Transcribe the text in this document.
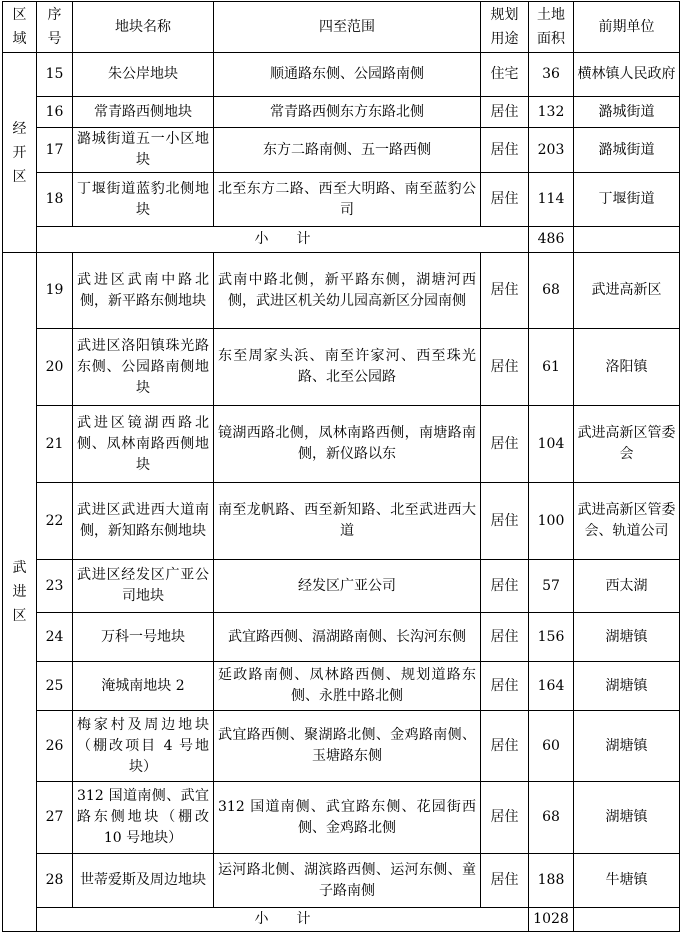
区域	序号	地块名称	四至范围	规划用途	土地面积	前期单位
经开区	15	朱公岸地块	顺通路东侧、公园路南侧	住宅	36	横林镇人民政府
	16	常青路西侧地块	常青路西侧东方东路北侧	居住	132	潞城街道
	17	潞城街道五一小区地块	东方二路南侧、五一路西侧	居住	203	潞城街道
	18	丁堰街道蓝豹北侧地块	北至东方二路、西至大明路、南至蓝豹公司	居住	114	丁堰街道
	小　　计				486	
武进区	19	武进区武南中路北侧，新平路东侧地块	武南中路北侧，新平路东侧，湖塘河西侧，武进区机关幼儿园高新区分园南侧	居住	68	武进高新区
	20	武进区洛阳镇珠光路东侧、公园路南侧地块	东至周家头浜、南至许家河、西至珠光路、北至公园路	居住	61	洛阳镇
	21	武进区镜湖西路北侧、凤林南路西侧地块	镜湖西路北侧，凤林南路西侧，南塘路南侧，新仪路以东	居住	104	武进高新区管委会
	22	武进区武进西大道南侧，新知路东侧地块	南至龙帆路、西至新知路、北至武进西大道	居住	100	武进高新区管委会、轨道公司
	23	武进区经发区广亚公司地块	经发区广亚公司	居住	57	西太湖
	24	万科一号地块	武宜路西侧、滆湖路南侧、长沟河东侧	居住	156	湖塘镇
	25	淹城南地块 2	延政路南侧、凤林路西侧、规划道路东侧、永胜中路北侧	居住	164	湖塘镇
	26	梅家村及周边地块（棚改项目 4 号地块）	武宜路西侧、聚湖路北侧、金鸡路南侧、玉塘路东侧	居住	60	湖塘镇
	27	312 国道南侧、武宜路东侧地块（棚改 10 号地块）	312 国道南侧、武宜路东侧、花园街西侧、金鸡路北侧	居住	68	湖塘镇
	28	世蒂爱斯及周边地块	运河路北侧、湖滨路西侧、运河东侧、童子路南侧	居住	188	牛塘镇
	小　　计				1028	
